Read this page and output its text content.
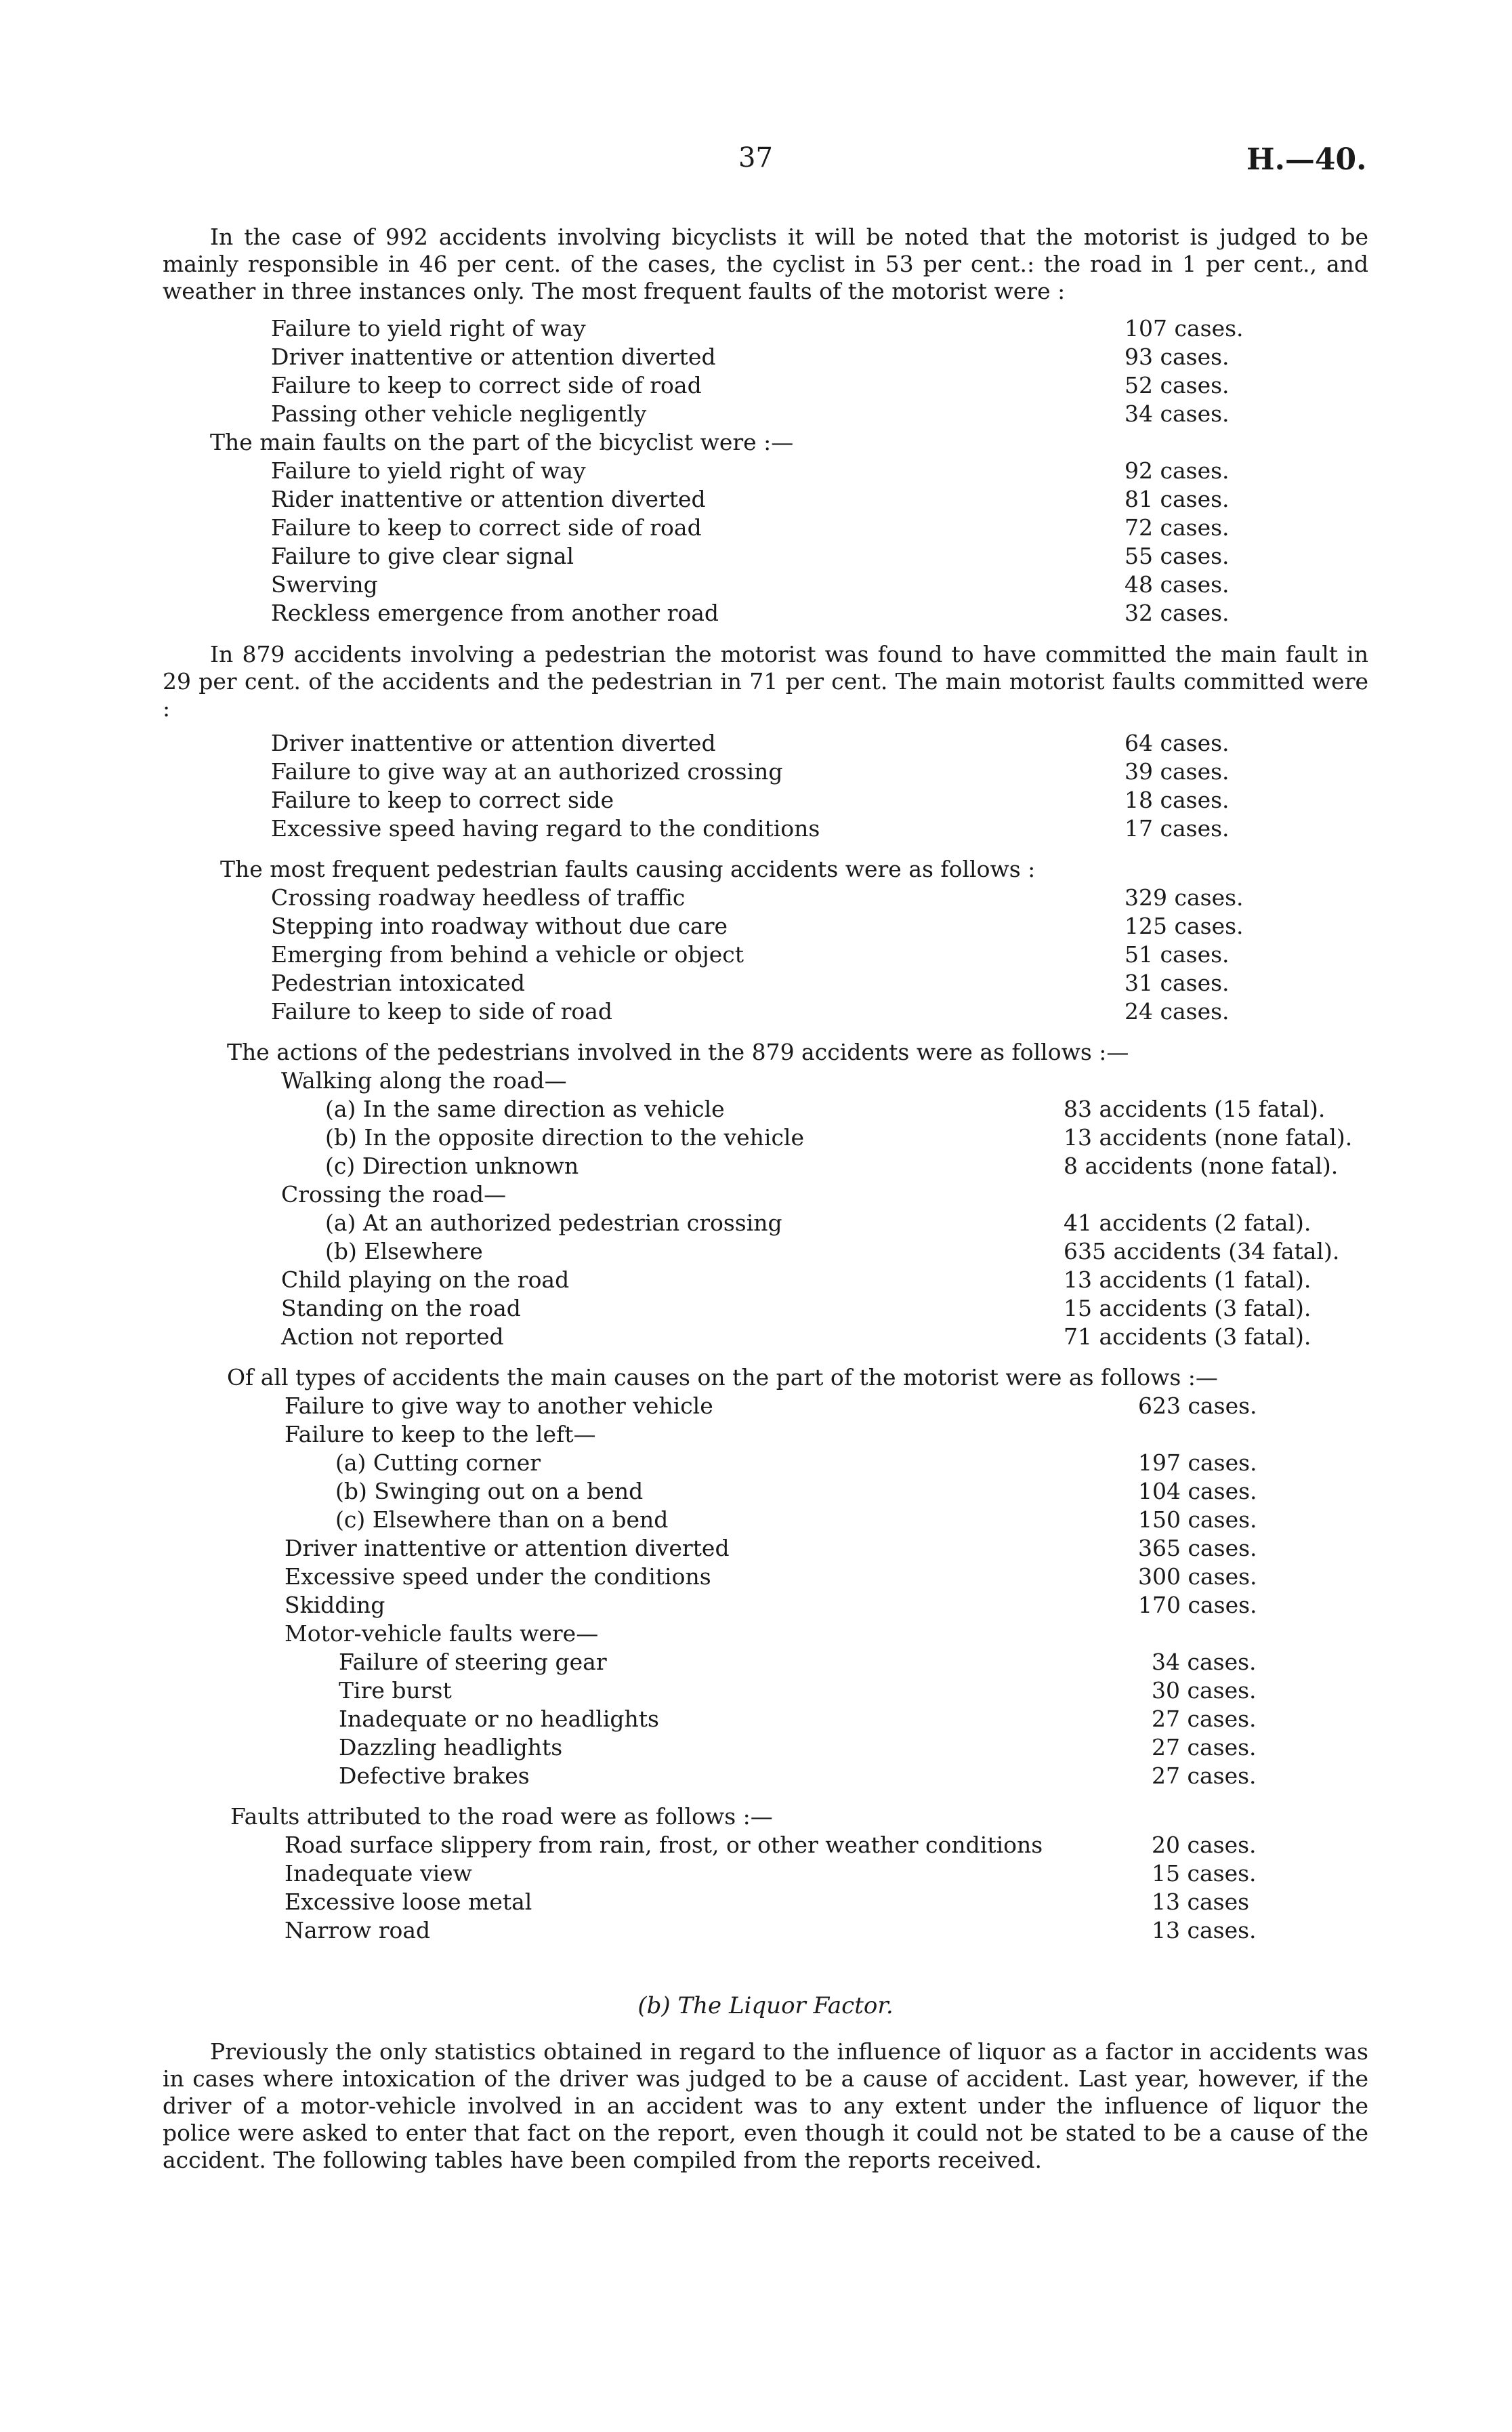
37	H.—40.

In the case of 992 accidents involving bicyclists it will be noted that the motorist is judged to be mainly responsible in 46 per cent. of the cases, the cyclist in 53 per cent.: the road in 1 per cent., and weather in three instances only. The most frequent faults of the motorist were :

Failure to yield right of way	107 cases.
Driver inattentive or attention diverted	93 cases.
Failure to keep to correct side of road	52 cases.
Passing other vehicle negligently	34 cases.
The main faults on the part of the bicyclist were :—
Failure to yield right of way	92 cases.
Rider inattentive or attention diverted	81 cases.
Failure to keep to correct side of road	72 cases.
Failure to give clear signal	55 cases.
Swerving	48 cases.
Reckless emergence from another road	32 cases.

In 879 accidents involving a pedestrian the motorist was found to have committed the main fault in 29 per cent. of the accidents and the pedestrian in 71 per cent. The main motorist faults committed were :

Driver inattentive or attention diverted	64 cases.
Failure to give way at an authorized crossing	39 cases.
Failure to keep to correct side	18 cases.
Excessive speed having regard to the conditions	17 cases.
The most frequent pedestrian faults causing accidents were as follows :
Crossing roadway heedless of traffic	329 cases.
Stepping into roadway without due care	125 cases.
Emerging from behind a vehicle or object	51 cases.
Pedestrian intoxicated	31 cases.
Failure to keep to side of road	24 cases.
The actions of the pedestrians involved in the 879 accidents were as follows :—
Walking along the road—
(a) In the same direction as vehicle	83 accidents (15 fatal).
(b) In the opposite direction to the vehicle	13 accidents (none fatal).
(c) Direction unknown	8 accidents (none fatal).
Crossing the road—
(a) At an authorized pedestrian crossing	41 accidents (2 fatal).
(b) Elsewhere	635 accidents (34 fatal).
Child playing on the road	13 accidents (1 fatal).
Standing on the road	15 accidents (3 fatal).
Action not reported	71 accidents (3 fatal).
Of all types of accidents the main causes on the part of the motorist were as follows :—
Failure to give way to another vehicle	623 cases.
Failure to keep to the left—
(a) Cutting corner	197 cases.
(b) Swinging out on a bend	104 cases.
(c) Elsewhere than on a bend	150 cases.
Driver inattentive or attention diverted	365 cases.
Excessive speed under the conditions	300 cases.
Skidding	170 cases.
Motor-vehicle faults were—
Failure of steering gear	34 cases.
Tire burst	30 cases.
Inadequate or no headlights	27 cases.
Dazzling headlights	27 cases.
Defective brakes	27 cases.
Faults attributed to the road were as follows :—
Road surface slippery from rain, frost, or other weather conditions	20 cases.
Inadequate view	15 cases.
Excessive loose metal	13 cases
Narrow road	13 cases.
(b) The Liquor Factor.

Previously the only statistics obtained in regard to the influence of liquor as a factor in accidents was in cases where intoxication of the driver was judged to be a cause of accident. Last year, however, if the driver of a motor-vehicle involved in an accident was to any extent under the influence of liquor the police were asked to enter that fact on the report, even though it could not be stated to be a cause of the accident. The following tables have been compiled from the reports received.
